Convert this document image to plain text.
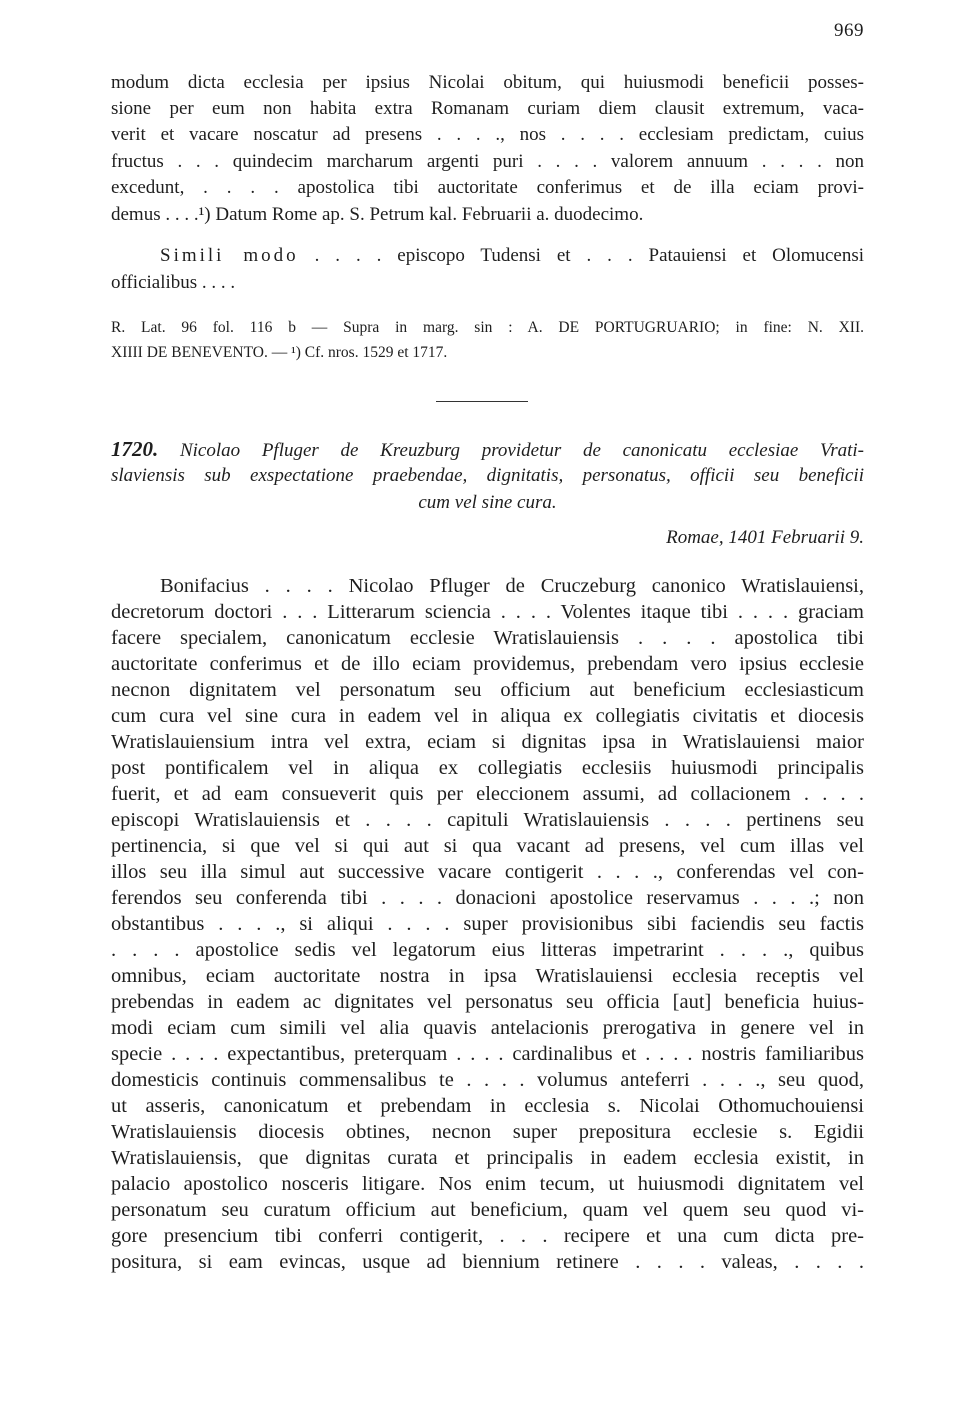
969
modum dicta ecclesia per ipsius Nicolai obitum, qui huiusmodi beneficii posses-
sione per eum non habita extra Romanam curiam diem clausit extremum, vaca-
verit et vacare noscatur ad presens . . . ., nos . . . . ecclesiam predictam, cuius
fructus . . . quindecim marcharum argenti puri . . . . valorem annuum . . . . non
excedunt, . . . . apostolica tibi auctoritate conferimus et de illa eciam provi-
demus . . . .¹) Datum Rome ap. S. Petrum kal. Februarii a. duodecimo.
Simili modo . . . . episcopo Tudensi et . . . Patauiensi et Olomucensi
officialibus . . . .
R. Lat. 96 fol. 116 b — Supra in marg. sin : A. DE PORTUGRUARIO; in fine: N. XII.
XIIII DE BENEVENTO. — ¹) Cf. nros. 1529 et 1717.
1720. Nicolao Pfluger de Kreuzburg providetur de canonicatu ecclesiae Vrati-
slaviensis sub exspectatione praebendae, dignitatis, personatus, officii seu beneficii
cum vel sine cura.
Romae, 1401 Februarii 9.
Bonifacius . . . . Nicolao Pfluger de Cruczeburg canonico Wratislauiensi,
decretorum doctori . . . Litterarum sciencia . . . . Volentes itaque tibi . . . . graciam
facere specialem, canonicatum ecclesie Wratislauiensis . . . . apostolica tibi
auctoritate conferimus et de illo eciam providemus, prebendam vero ipsius ecclesie
necnon dignitatem vel personatum seu officium aut beneficium ecclesiasticum
cum cura vel sine cura in eadem vel in aliqua ex collegiatis civitatis et diocesis
Wratislauiensium intra vel extra, eciam si dignitas ipsa in Wratislauiensi maior
post pontificalem vel in aliqua ex collegiatis ecclesiis huiusmodi principalis
fuerit, et ad eam consueverit quis per eleccionem assumi, ad collacionem . . . .
episcopi Wratislauiensis et . . . . capituli Wratislauiensis . . . . pertinens seu
pertinencia, si que vel si qui aut si qua vacant ad presens, vel cum illas vel
illos seu illa simul aut successive vacare contigerit . . . ., conferendas vel con-
ferendos seu conferenda tibi . . . . donacioni apostolice reservamus . . . .; non
obstantibus . . . ., si aliqui . . . . super provisionibus sibi faciendis seu factis
. . . . apostolice sedis vel legatorum eius litteras impetrarint . . . ., quibus
omnibus, eciam auctoritate nostra in ipsa Wratislauiensi ecclesia receptis vel
prebendas in eadem ac dignitates vel personatus seu officia [aut] beneficia huius-
modi eciam cum simili vel alia quavis antelacionis prerogativa in genere vel in
specie . . . . expectantibus, preterquam . . . . cardinalibus et . . . . nostris familiaribus
domesticis continuis commensalibus te . . . . volumus anteferri . . . ., seu quod,
ut asseris, canonicatum et prebendam in ecclesia s. Nicolai Othomuchouiensi
Wratislauiensis diocesis obtines, necnon super prepositura ecclesie s. Egidii
Wratislauiensis, que dignitas curata et principalis in eadem ecclesia existit, in
palacio apostolico nosceris litigare. Nos enim tecum, ut huiusmodi dignitatem vel
personatum seu curatum officium aut beneficium, quam vel quem seu quod vi-
gore presencium tibi conferri contigerit, . . . recipere et una cum dicta pre-
positura, si eam evincas, usque ad biennium retinere . . . . valeas, . . . .
